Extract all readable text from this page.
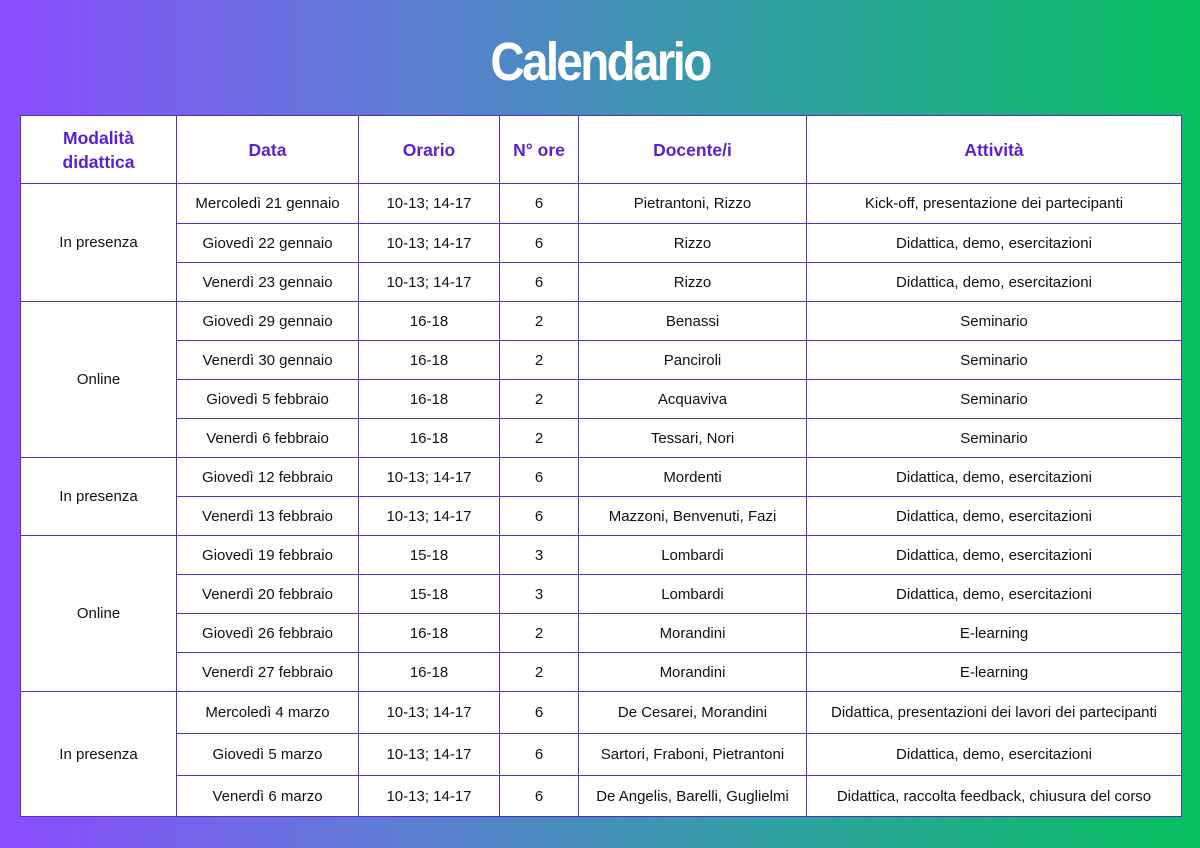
Calendario
Modalità didattica	Data	Orario	N° ore	Docente/i	Attività
In presenza	Mercoledì 21 gennaio	10-13; 14-17	6	Pietrantoni, Rizzo	Kick-off, presentazione dei partecipanti
	Giovedì 22 gennaio	10-13; 14-17	6	Rizzo	Didattica, demo, esercitazioni
	Venerdì 23 gennaio	10-13; 14-17	6	Rizzo	Didattica, demo, esercitazioni
Online	Giovedì 29 gennaio	16-18	2	Benassi	Seminario
	Venerdì 30 gennaio	16-18	2	Panciroli	Seminario
	Giovedì 5 febbraio	16-18	2	Acquaviva	Seminario
	Venerdì 6 febbraio	16-18	2	Tessari, Nori	Seminario
In presenza	Giovedì 12 febbraio	10-13; 14-17	6	Mordenti	Didattica, demo, esercitazioni
	Venerdì 13 febbraio	10-13; 14-17	6	Mazzoni, Benvenuti, Fazi	Didattica, demo, esercitazioni
Online	Giovedì 19 febbraio	15-18	3	Lombardi	Didattica, demo, esercitazioni
	Venerdì 20 febbraio	15-18	3	Lombardi	Didattica, demo, esercitazioni
	Giovedì 26 febbraio	16-18	2	Morandini	E-learning
	Venerdì 27 febbraio	16-18	2	Morandini	E-learning
In presenza	Mercoledì 4 marzo	10-13; 14-17	6	De Cesarei, Morandini	Didattica, presentazioni dei lavori dei partecipanti
	Giovedì 5 marzo	10-13; 14-17	6	Sartori, Fraboni, Pietrantoni	Didattica, demo, esercitazioni
	Venerdì 6 marzo	10-13; 14-17	6	De Angelis, Barelli, Guglielmi	Didattica, raccolta feedback, chiusura del corso
